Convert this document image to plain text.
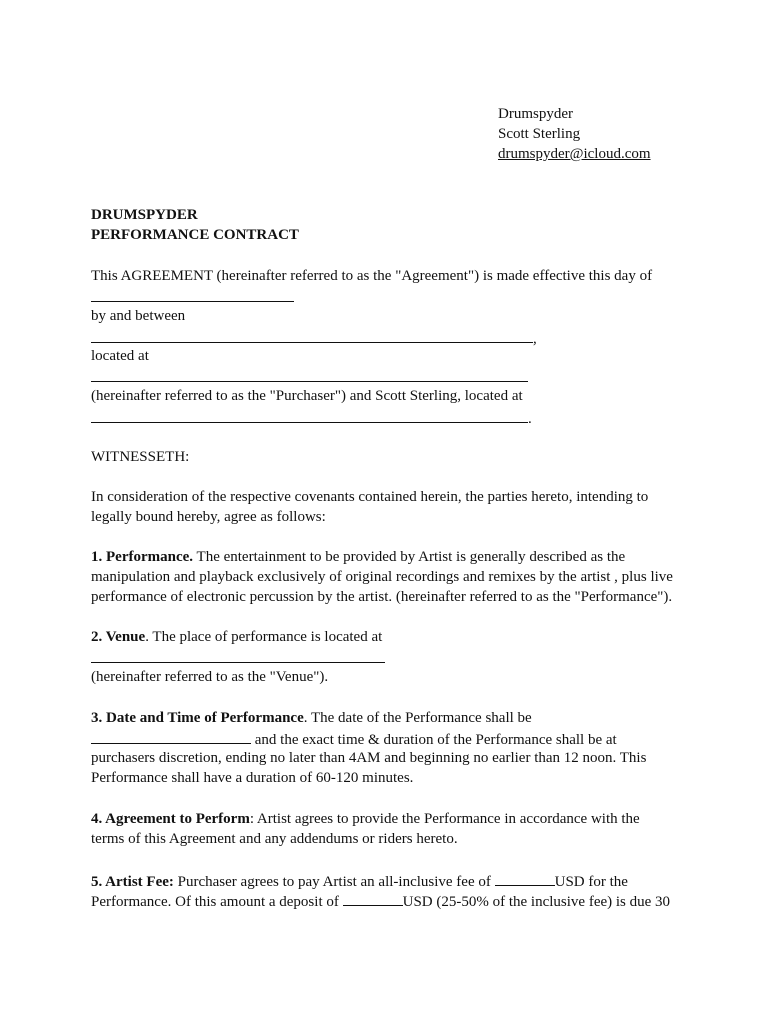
Drumspyder

Scott Sterling

drumspyder@icloud.com

DRUMSPYDER

PERFORMANCE CONTRACT

This AGREEMENT (hereinafter referred to as the "Agreement") is made effective this day of

by and between

,

located at

(hereinafter referred to as the "Purchaser") and Scott Sterling, located at

.

WITNESSETH:

In consideration of the respective covenants contained herein, the parties hereto, intending to

legally bound hereby, agree as follows:

1. Performance. The entertainment to be provided by Artist is generally described as the

manipulation and playback exclusively of original recordings and remixes by the artist , plus live

performance of electronic percussion by the artist. (hereinafter referred to as the "Performance").

2. Venue. The place of performance is located at

(hereinafter referred to as the "Venue").

3. Date and Time of Performance. The date of the Performance shall be

and the exact time & duration of the Performance shall be at

purchasers discretion, ending no later than 4AM and beginning no earlier than 12 noon. This

Performance shall have a duration of 60-120 minutes.

4. Agreement to Perform: Artist agrees to provide the Performance in accordance with the

terms of this Agreement and any addendums or riders hereto.

5. Artist Fee: Purchaser agrees to pay Artist an all-inclusive fee of	USD for the

Performance. Of this amount a deposit of	USD (25-50% of the inclusive fee) is due 30
